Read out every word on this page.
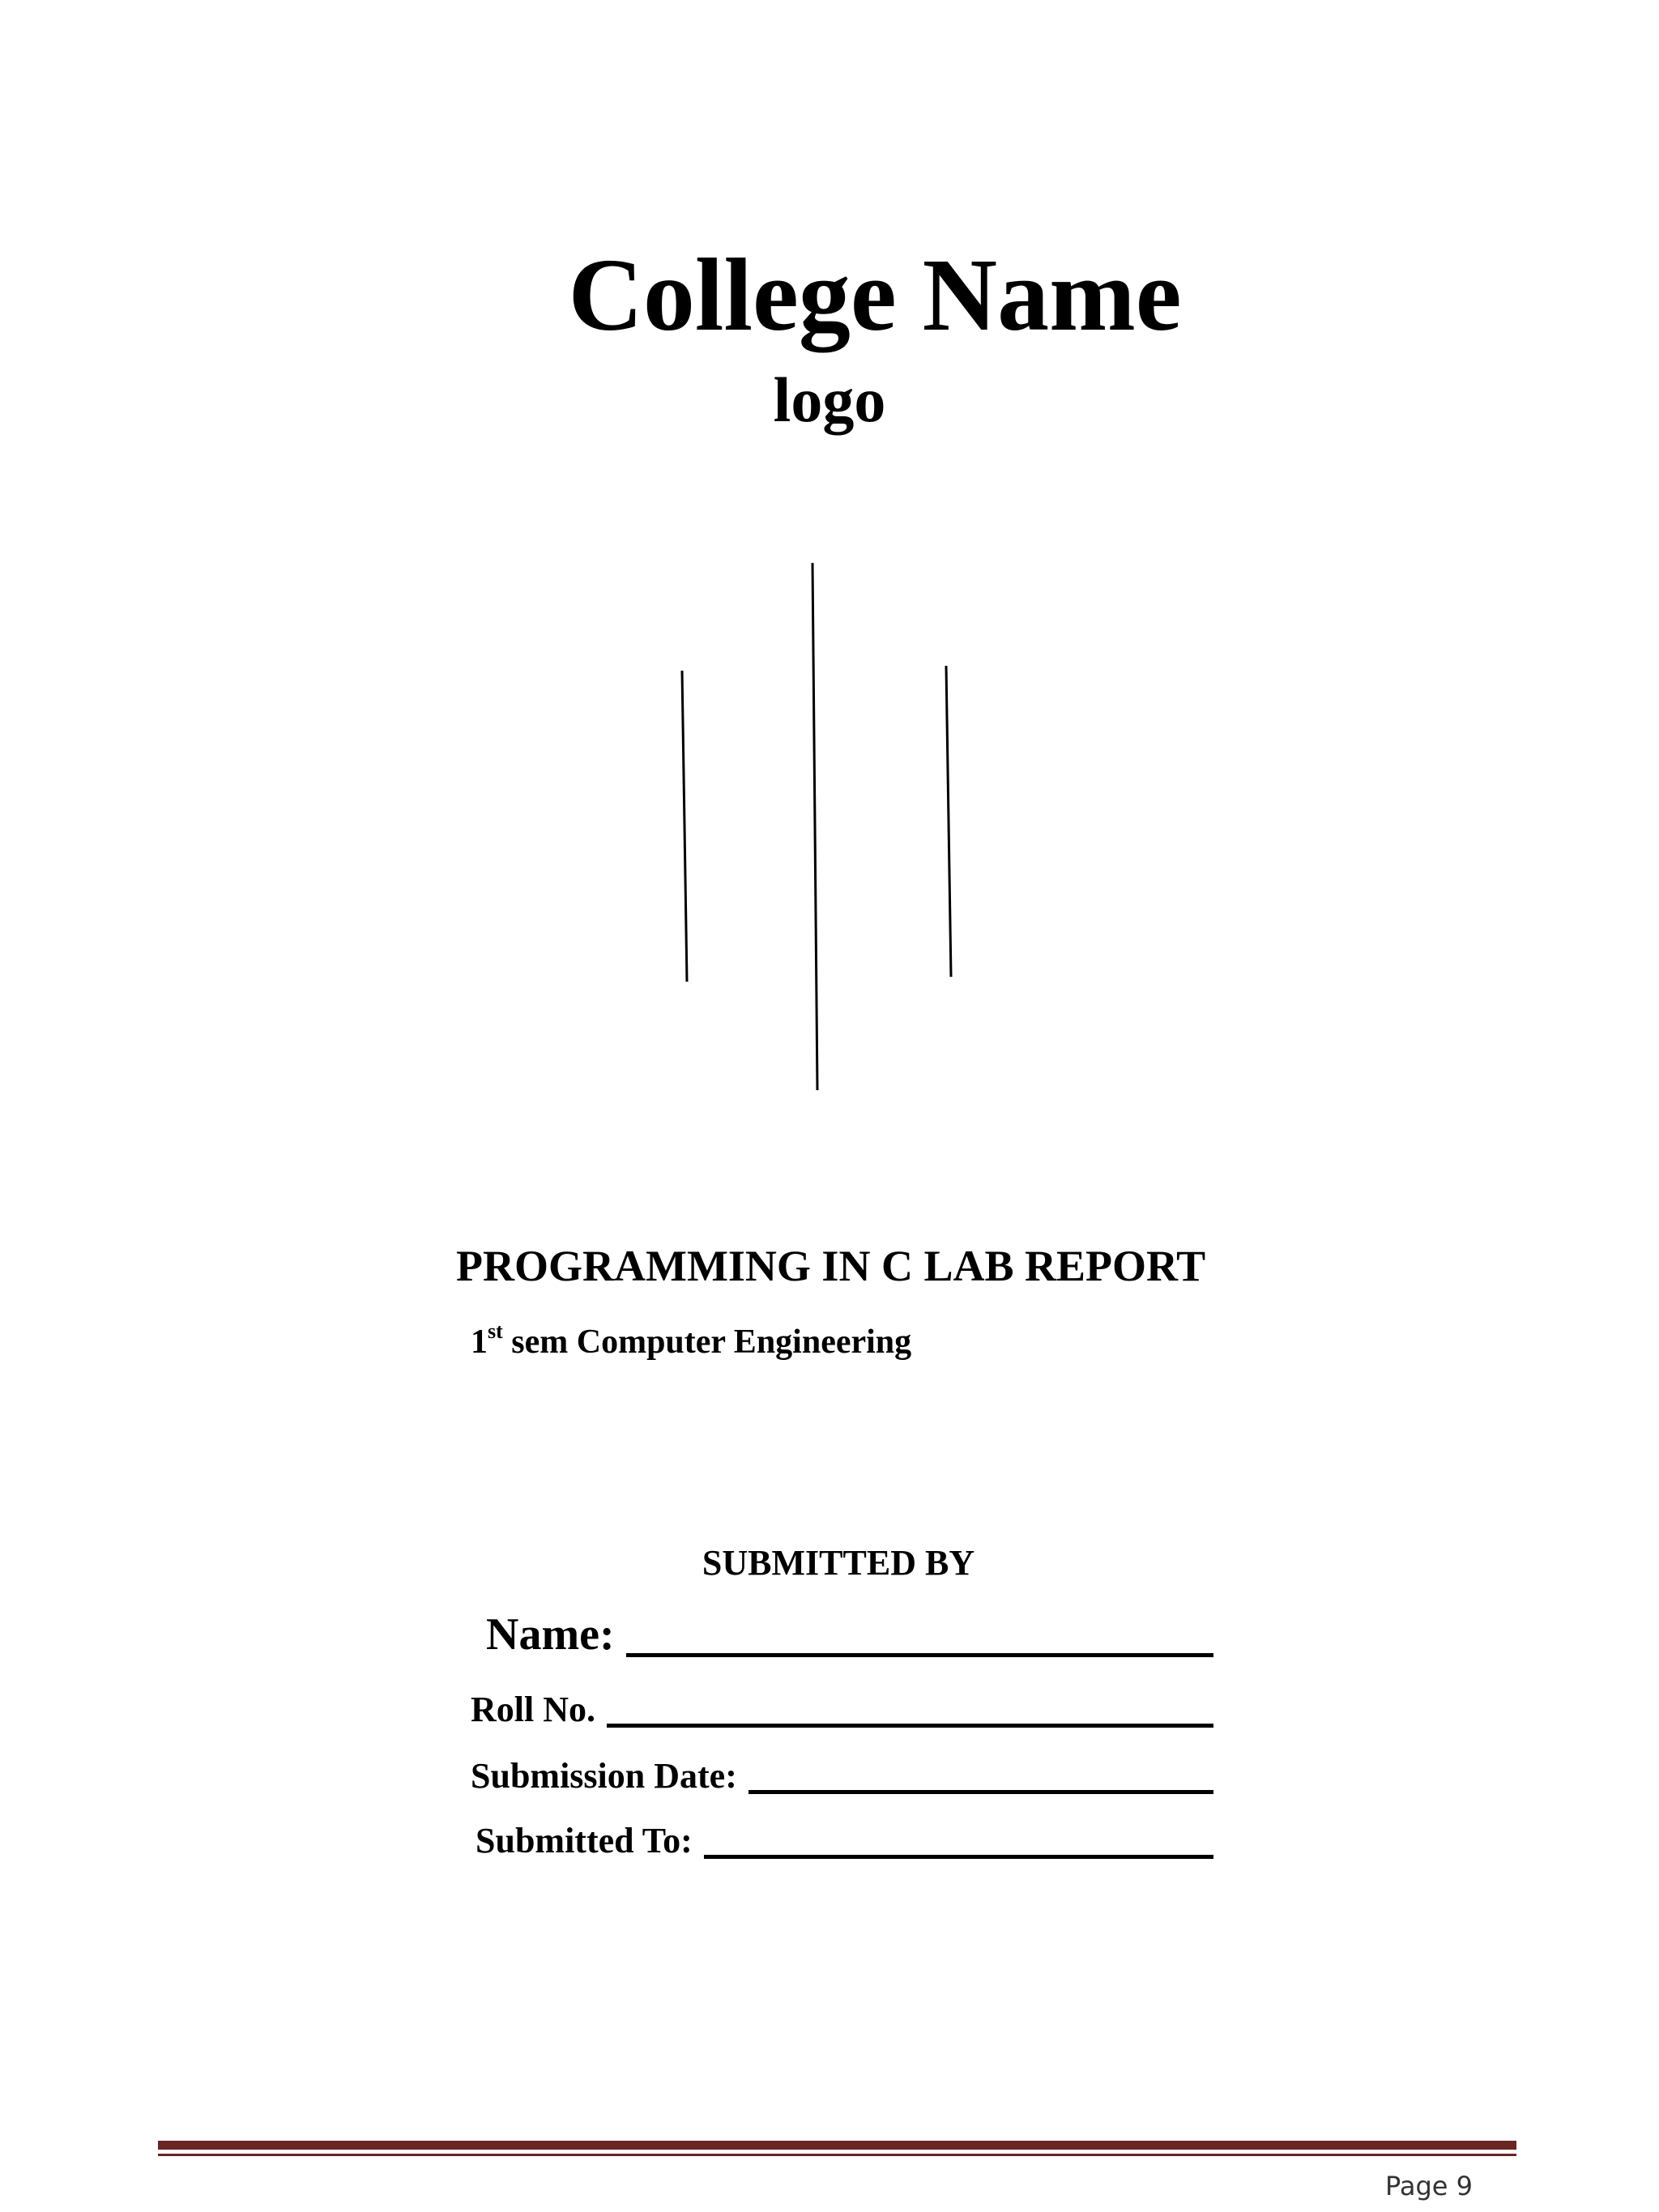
College Name
logo
PROGRAMMING IN C LAB REPORT
1st sem Computer Engineering
SUBMITTED BY
Name:
Roll No.
Submission Date:
Submitted To:
Page 9
